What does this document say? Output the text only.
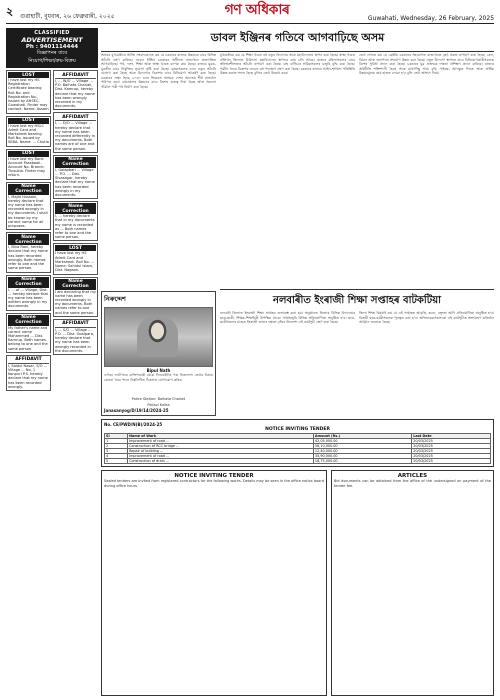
২	গুৱাহাটী, বুধবাৰ, ২৬ ফেব্ৰুৱাৰী, ২০২৫	গণ অধিকাৰ
Guwahati, Wednesday, 26 February, 2025
CLASSIFIED
ADVERTISEMENT
Ph : 9401114444
বিজ্ঞাপনৰ বাবে
নিয়োগ/শিক্ষা/ক্ৰয়-বিক্ৰয়
LOST
I have lost my HS Registration Certificate bearing Roll No. and Registration No., issued by AHSEC, Guwahati. Finder may contact. Name: Assam
LOST
I have lost my HSLC Admit Card and Marksheet bearing Roll No. issued by SEBA. Name: ... Chutia
LOST
I have lost my Bank Account Passbook. Account No. Branch: Tinsukia. Finder may return.
Name Correction
I, Majid Hussain, hereby declare that my name has been recorded wrongly in my documents. I shall be known by my correct name for all purposes.
Name Correction
I, Bina Rani, hereby declare that my name has been recorded wrongly. Both names refer to one and the same person.
Name Correction
I, ... of ... Village, Dist. ... hereby declare that my name has been written wrongly in my documents.
Name Correction
My father's name and correct name Mohammed ... Dist. Kamrup. Both names belong to one and the same person.
AFFIDAVIT
I, Saidul Nasar, S/O ... Village ... No. 1 Konpuri P.S. hereby declare that my name has been recorded wrongly.
AFFIDAVIT
I, ... W/O ... Village ... P.O. Baihata Chariali, Dist. Kamrup, hereby declare that my name has been wrongly recorded in my documents.
AFFIDAVIT
I, ... D/O ... Village ... hereby declare that my name has been recorded differently in my documents. Both names are of one and the same person.
Name Correction
I, Golapbari ... Village ... P.O. ... Dist. Sivasagar, hereby declare that my name has been recorded wrongly in my documents.
Name Correction
I, ... hereby declare that in my documents my name is recorded as ... Both names refer to one and the same person.
LOST
I have lost my HS Admit Card and Marksheet. Roll No. ... Name: Sahidul Islam, Dist. Nagaon.
Name Correction
I am declaring that my name has been recorded wrongly in my documents. Both names refer to one and the same person.
AFFIDAVIT
I, ... S/O ... Village ... P.O. ... Dist. Goalpara, hereby declare that my name has been wrongly recorded in the documents.
ডাবল ইঞ্জিনৰ গতিবে আগবাঢ়িছে অসম
অসমৰ মুখ্যমন্ত্ৰীয়ে আজি সংবাদমেলত কয় যে চৰকাৰে ৰাজ্যৰ উন্নয়নৰ বাবে বিভিন্ন আঁচনি গ্ৰহণ কৰিছে। ডাবল ইঞ্জিন চৰকাৰৰ অধীনত ৰাজ্যখনে দ্ৰুতগতিত আগবাঢ়িছে। পথ, দলং, শিক্ষা আৰু স্বাস্থ্য খণ্ডত ব্যাপক কাম হৈছে। ৰাজ্যৰ যুৱক-যুৱতীৰ বাবে নিযুক্তিৰ সুযোগ সৃষ্টি কৰা হৈছে। কৃষকসকলৰ বাবে নতুন আঁচনি ঘোষণা কৰা হৈছে আৰু উদ্যোগৰ বিকাশৰ বাবে বিনিয়োগ আকৰ্ষণ কৰা হৈছে। চৰকাৰৰ লক্ষ্য হৈছে ২০৩০ চনৰ ভিতৰত অসমক দেশৰ অন্যতম শীৰ্ষ ৰাজ্যলৈ পৰিণত কৰা। গ্ৰামাঞ্চলৰ উন্নয়নৰ বাবে বিশেষ গুৰুত্ব দিয়া হৈছে আৰু সকলো গাঁৱলৈ পকী পথ নিৰ্মাণ কৰা হৈছে।
নিৰুদ্দেশ
Bipul Nath
ওপৰৰ ফটোখনৰ ব্যক্তিগৰাকী যোৱা দিনকেইটাৰ পৰা নিৰুদ্দেশ। তেওঁৰ বিষয়ে কোনো খবৰ পালে নিম্নলিখিত ঠিকনাত যোগাযোগ কৰিব।
Police Station: Baihata Chariali
Pallavi Kalita
Janasanyog/D/19/14/2024-25
মুখ্যমন্ত্ৰীয়ে কয় যে শিক্ষা খণ্ডত বহু নতুন বিদ্যালয় আৰু মহাবিদ্যালয় স্থাপন কৰা হৈছে। স্বাস্থ্য খণ্ডত প্ৰতিখন জিলাত চিকিৎসা মহাবিদ্যালয় স্থাপনৰ কাম চলি আছে। ৰাজ্যৰ মহিলাসকলৰ বাবে স্বনিৰ্ভৰশীলতাৰ আঁচনি ৰূপায়ণ কৰা হৈছে। চাহ বাগিচাৰ শ্ৰমিকসকলৰ মজুৰি বৃদ্ধি কৰা হৈছে। পৰ্যটন খণ্ডৰ বিকাশৰ বাবেও বহু পদক্ষেপ গ্ৰহণ কৰা হৈছে। চৰকাৰে ৰাজ্যৰ আইন-শৃংখলা পৰিস্থিতি উন্নত কৰাত সফল হৈছে বুলিও তেওঁ উল্লেখ কৰে।
তেওঁ লগতে কয় যে কেন্দ্ৰীয় চৰকাৰৰ সহযোগত ৰাজ্যখনত বৃহৎ প্ৰকল্প ৰূপায়ণ কৰা হৈছে। ৰেল, বিমান আৰু জলপথৰ সংযোগ উন্নত কৰা হৈছে। নতুন উদ্যোগ স্থাপনৰ বাবে বিনিয়োগকাৰীসকলক বিশেষ সুবিধা প্ৰদান কৰা হৈছে। চৰকাৰে যুৱ প্ৰজন্মক দক্ষতা প্ৰশিক্ষণ প্ৰদান কৰিছে। ৰাজ্যৰ অৰ্থনীতি শক্তিশালী হৈছে আৰু মাথাপিছু আয় বৃদ্ধি পাইছে। আগন্তুক দিনত আৰু অধিক উন্নয়নমূলক কাম হাতত লোৱা হ'ব বুলি তেওঁ আশ্বাস দিয়ে।
নলবাৰীত ইংৰাজী শিক্ষা সপ্তাহৰ বাটকটিয়া
নলবাৰী জিলাত ইংৰাজী শিক্ষা সপ্তাহৰ শুভাৰম্ভ কৰা হয়। অনুষ্ঠানত জিলাৰ বিভিন্ন বিদ্যালয়ৰ ছাত্ৰ-ছাত্ৰী, শিক্ষক-শিক্ষয়িত্ৰী উপস্থিত থাকে। সপ্তাহজুৰি বিভিন্ন প্ৰতিযোগিতা অনুষ্ঠিত হ'ব। ছাত্ৰ-ছাত্ৰীসকলৰ মাজত ইংৰাজী ভাষাৰ দক্ষতা বৃদ্ধিৰ উদ্দেশ্যে এই কাৰ্যসূচী গ্ৰহণ কৰা হৈছে।
জিলা শিক্ষা বিষয়াই কয় যে এই সপ্তাহত আবৃত্তি, ৰচনা, বক্তৃতা আদি প্ৰতিযোগিতা অনুষ্ঠিত হ'ব। বিজয়ী ছাত্ৰ-ছাত্ৰীসকলক পুৰস্কৃত কৰা হ'ব। অভিভাৱকসকলকো এই কাৰ্যসূচীত অংশগ্ৰহণ কৰিবলৈ আহ্বান জনোৱা হৈছে।
No. CE/PWD/N(B)/2024-25
NOTICE INVITING TENDER
Sl	Name of Work	Amount (Rs.)	Last Date
1	Improvement of road ...	42,05,000.00	20/03/2025
2	Construction of RCC bridge ...	58,10,000.00	20/03/2025
3	Repair of building ...	12,40,000.00	20/03/2025
4	Improvement of road ...	35,90,000.00	20/03/2025
5	Construction of drain ...	18,75,000.00	20/03/2025
NOTICE INVITING TENDER
Sealed tenders are invited from registered contractors for the following works. Details may be seen in the office notice board during office hours.
ARTICLES
Bid documents can be obtained from the office of the undersigned on payment of the tender fee.
